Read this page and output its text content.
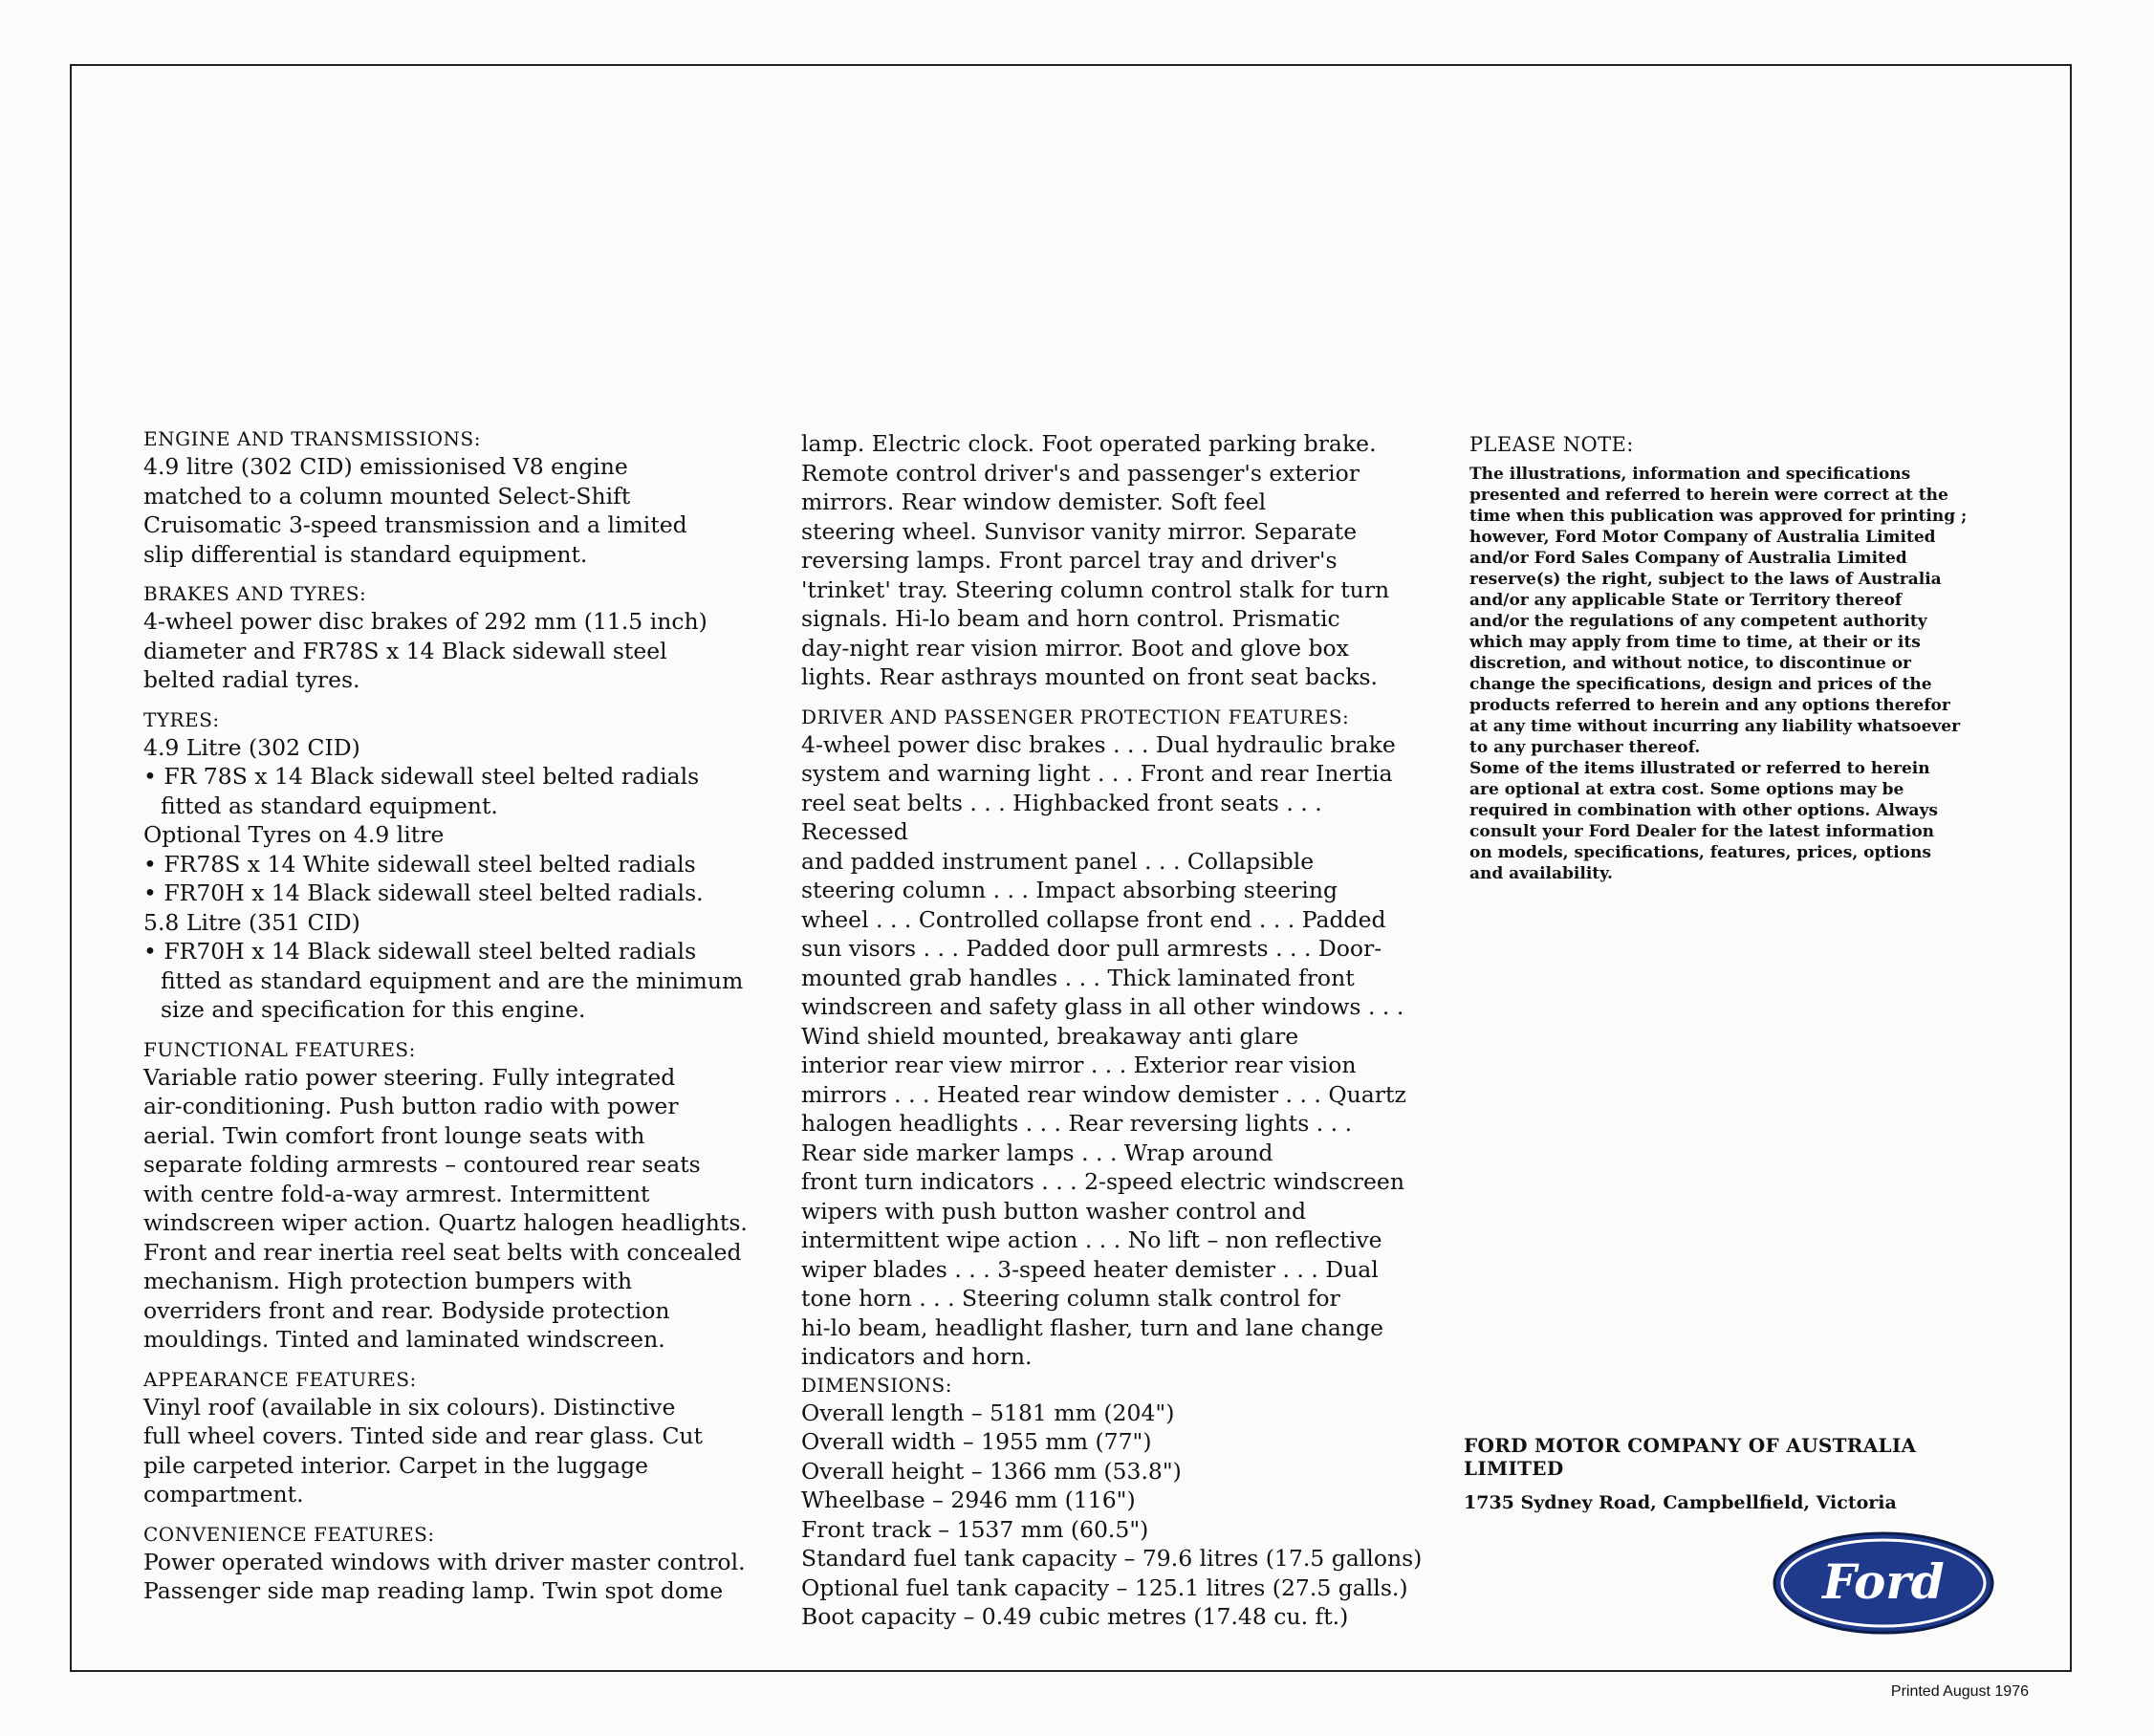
ENGINE AND TRANSMISSIONS:

4.9 litre (302 CID) emissionised V8 engine

matched to a column mounted Select-Shift

Cruisomatic 3-speed transmission and a limited

slip differential is standard equipment.

BRAKES AND TYRES:

4-wheel power disc brakes of 292 mm (11.5 inch)

diameter and FR78S x 14 Black sidewall steel

belted radial tyres.

TYRES:

4.9 Litre (302 CID)

• FR 78S x 14 Black sidewall steel belted radials

fitted as standard equipment.

Optional Tyres on 4.9 litre

• FR78S x 14 White sidewall steel belted radials

• FR70H x 14 Black sidewall steel belted radials.

5.8 Litre (351 CID)

• FR70H x 14 Black sidewall steel belted radials

fitted as standard equipment and are the minimum

size and specification for this engine.

FUNCTIONAL FEATURES:

Variable ratio power steering. Fully integrated

air-conditioning. Push button radio with power

aerial. Twin comfort front lounge seats with

separate folding armrests – contoured rear seats

with centre fold-a-way armrest. Intermittent

windscreen wiper action. Quartz halogen headlights.

Front and rear inertia reel seat belts with concealed

mechanism. High protection bumpers with

overriders front and rear. Bodyside protection

mouldings. Tinted and laminated windscreen.

APPEARANCE FEATURES:

Vinyl roof (available in six colours). Distinctive

full wheel covers. Tinted side and rear glass. Cut

pile carpeted interior. Carpet in the luggage

compartment.

CONVENIENCE FEATURES:

Power operated windows with driver master control.

Passenger side map reading lamp. Twin spot dome

lamp. Electric clock. Foot operated parking brake.

Remote control driver's and passenger's exterior

mirrors. Rear window demister. Soft feel

steering wheel. Sunvisor vanity mirror. Separate

reversing lamps. Front parcel tray and driver's

'trinket' tray. Steering column control stalk for turn

signals. Hi-lo beam and horn control. Prismatic

day-night rear vision mirror. Boot and glove box

lights. Rear asthrays mounted on front seat backs.

DRIVER AND PASSENGER PROTECTION FEATURES:

4-wheel power disc brakes . . . Dual hydraulic brake

system and warning light . . . Front and rear Inertia

reel seat belts . . . Highbacked front seats . . . Recessed

and padded instrument panel . . . Collapsible

steering column . . . Impact absorbing steering

wheel . . . Controlled collapse front end . . . Padded

sun visors . . . Padded door pull armrests . . . Door-

mounted grab handles . . . Thick laminated front

windscreen and safety glass in all other windows . . .

Wind shield mounted, breakaway anti glare

interior rear view mirror . . . Exterior rear vision

mirrors . . . Heated rear window demister . . . Quartz

halogen headlights . . . Rear reversing lights . . .

Rear side marker lamps . . . Wrap around

front turn indicators . . . 2-speed electric windscreen

wipers with push button washer control and

intermittent wipe action . . . No lift – non reflective

wiper blades . . . 3-speed heater demister . . . Dual

tone horn . . . Steering column stalk control for

hi-lo beam, headlight flasher, turn and lane change

indicators and horn.

DIMENSIONS:

Overall length – 5181 mm (204")

Overall width – 1955 mm (77")

Overall height – 1366 mm (53.8")

Wheelbase – 2946 mm (116")

Front track – 1537 mm (60.5")

Standard fuel tank capacity – 79.6 litres (17.5 gallons)

Optional fuel tank capacity – 125.1 litres (27.5 galls.)

Boot capacity – 0.49 cubic metres (17.48 cu. ft.)

PLEASE NOTE:

The illustrations, information and specifications

presented and referred to herein were correct at the

time when this publication was approved for printing ;

however, Ford Motor Company of Australia Limited

and/or Ford Sales Company of Australia Limited

reserve(s) the right, subject to the laws of Australia

and/or any applicable State or Territory thereof

and/or the regulations of any competent authority

which may apply from time to time, at their or its

discretion, and without notice, to discontinue or

change the specifications, design and prices of the

products referred to herein and any options therefor

at any time without incurring any liability whatsoever

to any purchaser thereof.

Some of the items illustrated or referred to herein

are optional at extra cost. Some options may be

required in combination with other options. Always

consult your Ford Dealer for the latest information

on models, specifications, features, prices, options

and availability.

FORD MOTOR COMPANY OF AUSTRALIA
LIMITED
1735 Sydney Road, Campbellfield, Victoria
Ford
Printed August 1976
